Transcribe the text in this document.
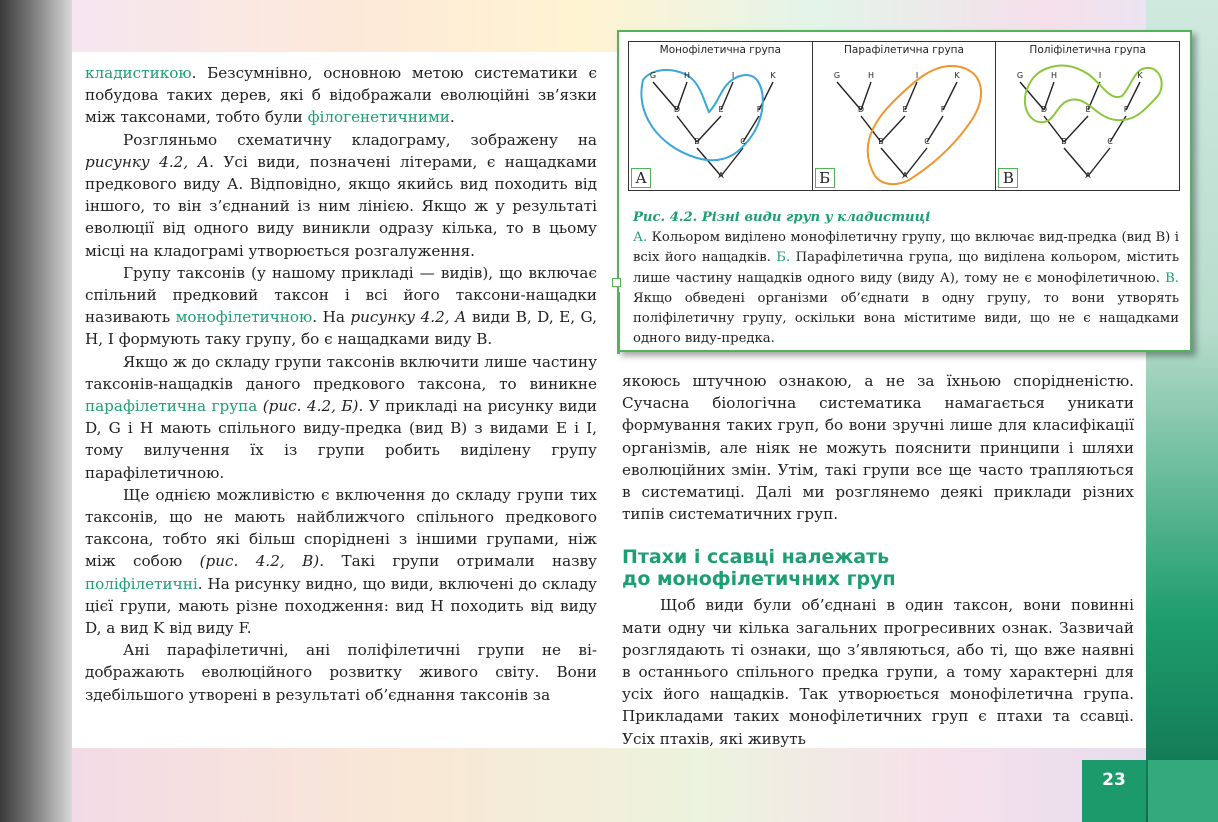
кладистикою. Безсумнівно, основною метою систематики є побудова таких дерев, які б відображали еволюційні зв’язки між таксонами, тобто були філогенетичними.

Розгляньмо схематичну кладограму, зображену на рисунку 4.2, А. Усі види, позначені літерами, є нащадками предкового виду А. Відповідно, якщо якийсь вид походить від іншого, то він з’єднаний із ним лінією. Якщо ж у результаті еволюції від одного виду виникли одразу кілька, то в цьому місці на кладограмі утворюється розгалуження.

Групу таксонів (у нашому прикладі — видів), що включає спільний предковий таксон і всі його таксони-нащадки називають монофілетичною. На рисунку 4.2, А види B, D, E, G, H, I формують таку групу, бо є нащадками виду B.

Якщо ж до складу групи таксонів включити лише частину таксонів-нащадків даного предкового таксона, то виникне парафілетична група (рис. 4.2, Б). У прикладі на рисунку види D, G і H мають спільного виду-предка (вид B) з видами E і I, тому вилучення їх із групи робить виділену групу парафілетичною.

Ще однією можливістю є включення до складу групи тих таксонів, що не мають найближчого спільного предкового таксона, тобто які більш споріднені з іншими групами, ніж між собою (рис. 4.2, В). Такі групи отримали назву поліфілетичні. На рисунку видно, що види, включені до складу цієї групи, мають різне походження: вид H походить від виду D, а вид K від виду F.

Ані парафілетичні, ані поліфілетичні групи не відображають еволюційного розвитку живого світу. Вони здебільшого утворені в результаті об’єднання таксонів за

G	H	I	K
D	E	F
B	C
A
Монофілетична група
А
G	H	I	K
D	E	F
B	C
A
Парафілетична група
Б
G	H	I	K
D	E	F
B	C
A
Поліфілетична група
В
Рис. 4.2. Різні види груп у кладистиці
А. Кольором виділено монофілетичну групу, що включає вид-предка (вид B) і всіх його нащадків. Б. Парафілетична група, що виділена кольором, містить лише частину нащадків одного виду (виду А), тому не є монофілетичною. В. Якщо обведені організми об’єднати в одну групу, то вони утворять поліфілетичну групу, оскільки вона міститиме види, що не є нащадками одного виду-предка.

якоюсь штучною ознакою, а не за їхньою спорідненістю. Сучасна біологічна систематика намагається уникати формування таких груп, бо вони зручні лише для класифікації організмів, але ніяк не можуть пояснити принципи і шляхи еволюційних змін. Утім, такі групи все ще часто трапляються в систематиці. Далі ми розглянемо деякі приклади різних типів систематичних груп.

Птахи і ссавці належать
до монофілетичних груп

Щоб види були об’єднані в один таксон, вони повинні мати одну чи кілька загальних прогресивних ознак. Зазвичай розглядають ті ознаки, що з’являються, або ті, що вже наявні в останнього спільного предка групи, а тому характерні для усіх його нащадків. Так утворюється монофілетична група. Прикладами таких монофілетичних груп є птахи та ссавці. Усіх птахів, які живуть

23
